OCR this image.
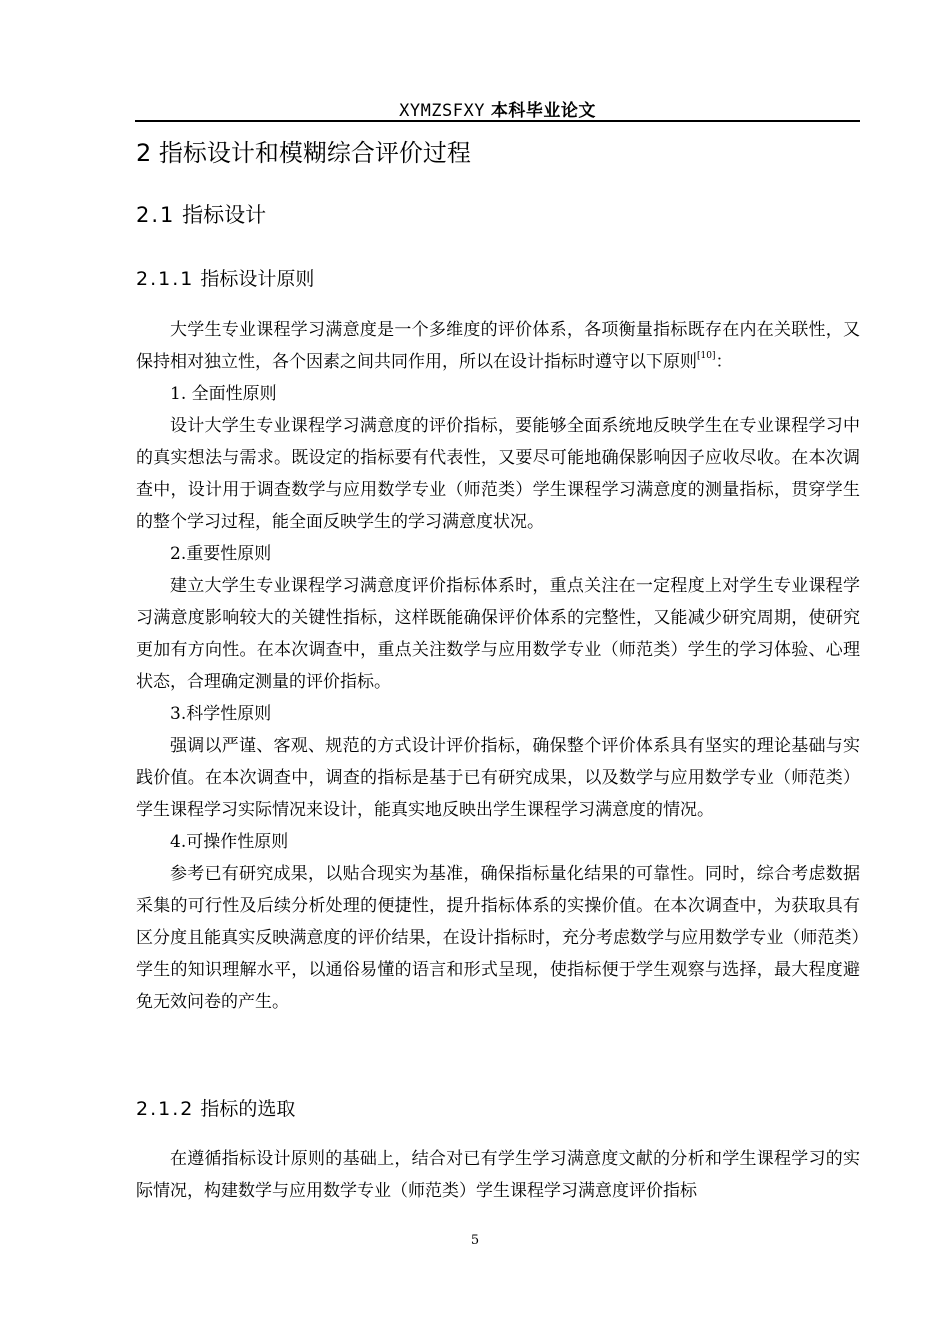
XYMZSFXY 本科毕业论文
2 指标设计和模糊综合评价过程
2.1 指标设计
2.1.1 指标设计原则

大学生专业课程学习满意度是一个多维度的评价体系，各项衡量指标既存在内在关联性，又保持相对独立性，各个因素之间共同作用，所以在设计指标时遵守以下原则[10]：

1. 全面性原则

设计大学生专业课程学习满意度的评价指标，要能够全面系统地反映学生在专业课程学习中的真实想法与需求。既设定的指标要有代表性，又要尽可能地确保影响因子应收尽收。在本次调查中，设计用于调查数学与应用数学专业（师范类）学生课程学习满意度的测量指标，贯穿学生的整个学习过程，能全面反映学生的学习满意度状况。

2.重要性原则

建立大学生专业课程学习满意度评价指标体系时，重点关注在一定程度上对学生专业课程学习满意度影响较大的关键性指标，这样既能确保评价体系的完整性，又能减少研究周期，使研究更加有方向性。在本次调查中，重点关注数学与应用数学专业（师范类）学生的学习体验、心理状态，合理确定测量的评价指标。

3.科学性原则

强调以严谨、客观、规范的方式设计评价指标，确保整个评价体系具有坚实的理论基础与实践价值。在本次调查中，调查的指标是基于已有研究成果，以及数学与应用数学专业（师范类）学生课程学习实际情况来设计，能真实地反映出学生课程学习满意度的情况。

4.可操作性原则

参考已有研究成果，以贴合现实为基准，确保指标量化结果的可靠性。同时，综合考虑数据采集的可行性及后续分析处理的便捷性，提升指标体系的实操价值。在本次调查中，为获取具有区分度且能真实反映满意度的评价结果，在设计指标时，充分考虑数学与应用数学专业（师范类）学生的知识理解水平，以通俗易懂的语言和形式呈现，使指标便于学生观察与选择，最大程度避免无效问卷的产生。

2.1.2 指标的选取

在遵循指标设计原则的基础上，结合对已有学生学习满意度文献的分析和学生课程学习的实际情况，构建数学与应用数学专业（师范类）学生课程学习满意度评价指标

5
